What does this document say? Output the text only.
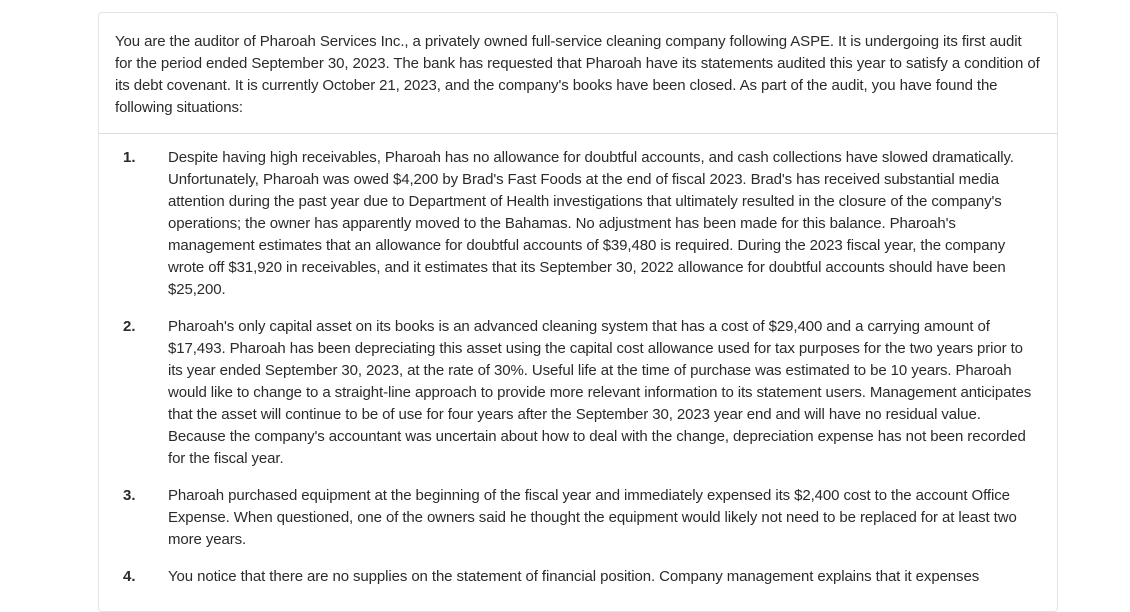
You are the auditor of Pharoah Services Inc., a privately owned full-service cleaning company following ASPE. It is undergoing its first audit for the period ended September 30, 2023. The bank has requested that Pharoah have its statements audited this year to satisfy a condition of its debt covenant. It is currently October 21, 2023, and the company's books have been closed. As part of the audit, you have found the following situations:

1. Despite having high receivables, Pharoah has no allowance for doubtful accounts, and cash collections have slowed dramatically. Unfortunately, Pharoah was owed $4,200 by Brad's Fast Foods at the end of fiscal 2023. Brad's has received substantial media attention during the past year due to Department of Health investigations that ultimately resulted in the closure of the company's operations; the owner has apparently moved to the Bahamas. No adjustment has been made for this balance. Pharoah's management estimates that an allowance for doubtful accounts of $39,480 is required. During the 2023 fiscal year, the company wrote off $31,920 in receivables, and it estimates that its September 30, 2022 allowance for doubtful accounts should have been $25,200.
2. Pharoah's only capital asset on its books is an advanced cleaning system that has a cost of $29,400 and a carrying amount of $17,493. Pharoah has been depreciating this asset using the capital cost allowance used for tax purposes for the two years prior to its year ended September 30, 2023, at the rate of 30%. Useful life at the time of purchase was estimated to be 10 years. Pharoah would like to change to a straight-line approach to provide more relevant information to its statement users. Management anticipates that the asset will continue to be of use for four years after the September 30, 2023 year end and will have no residual value. Because the company's accountant was uncertain about how to deal with the change, depreciation expense has not been recorded for the fiscal year.
3. Pharoah purchased equipment at the beginning of the fiscal year and immediately expensed its $2,400 cost to the account Office Expense. When questioned, one of the owners said he thought the equipment would likely not need to be replaced for at least two more years.
4. You notice that there are no supplies on the statement of financial position. Company management explains that it expenses
